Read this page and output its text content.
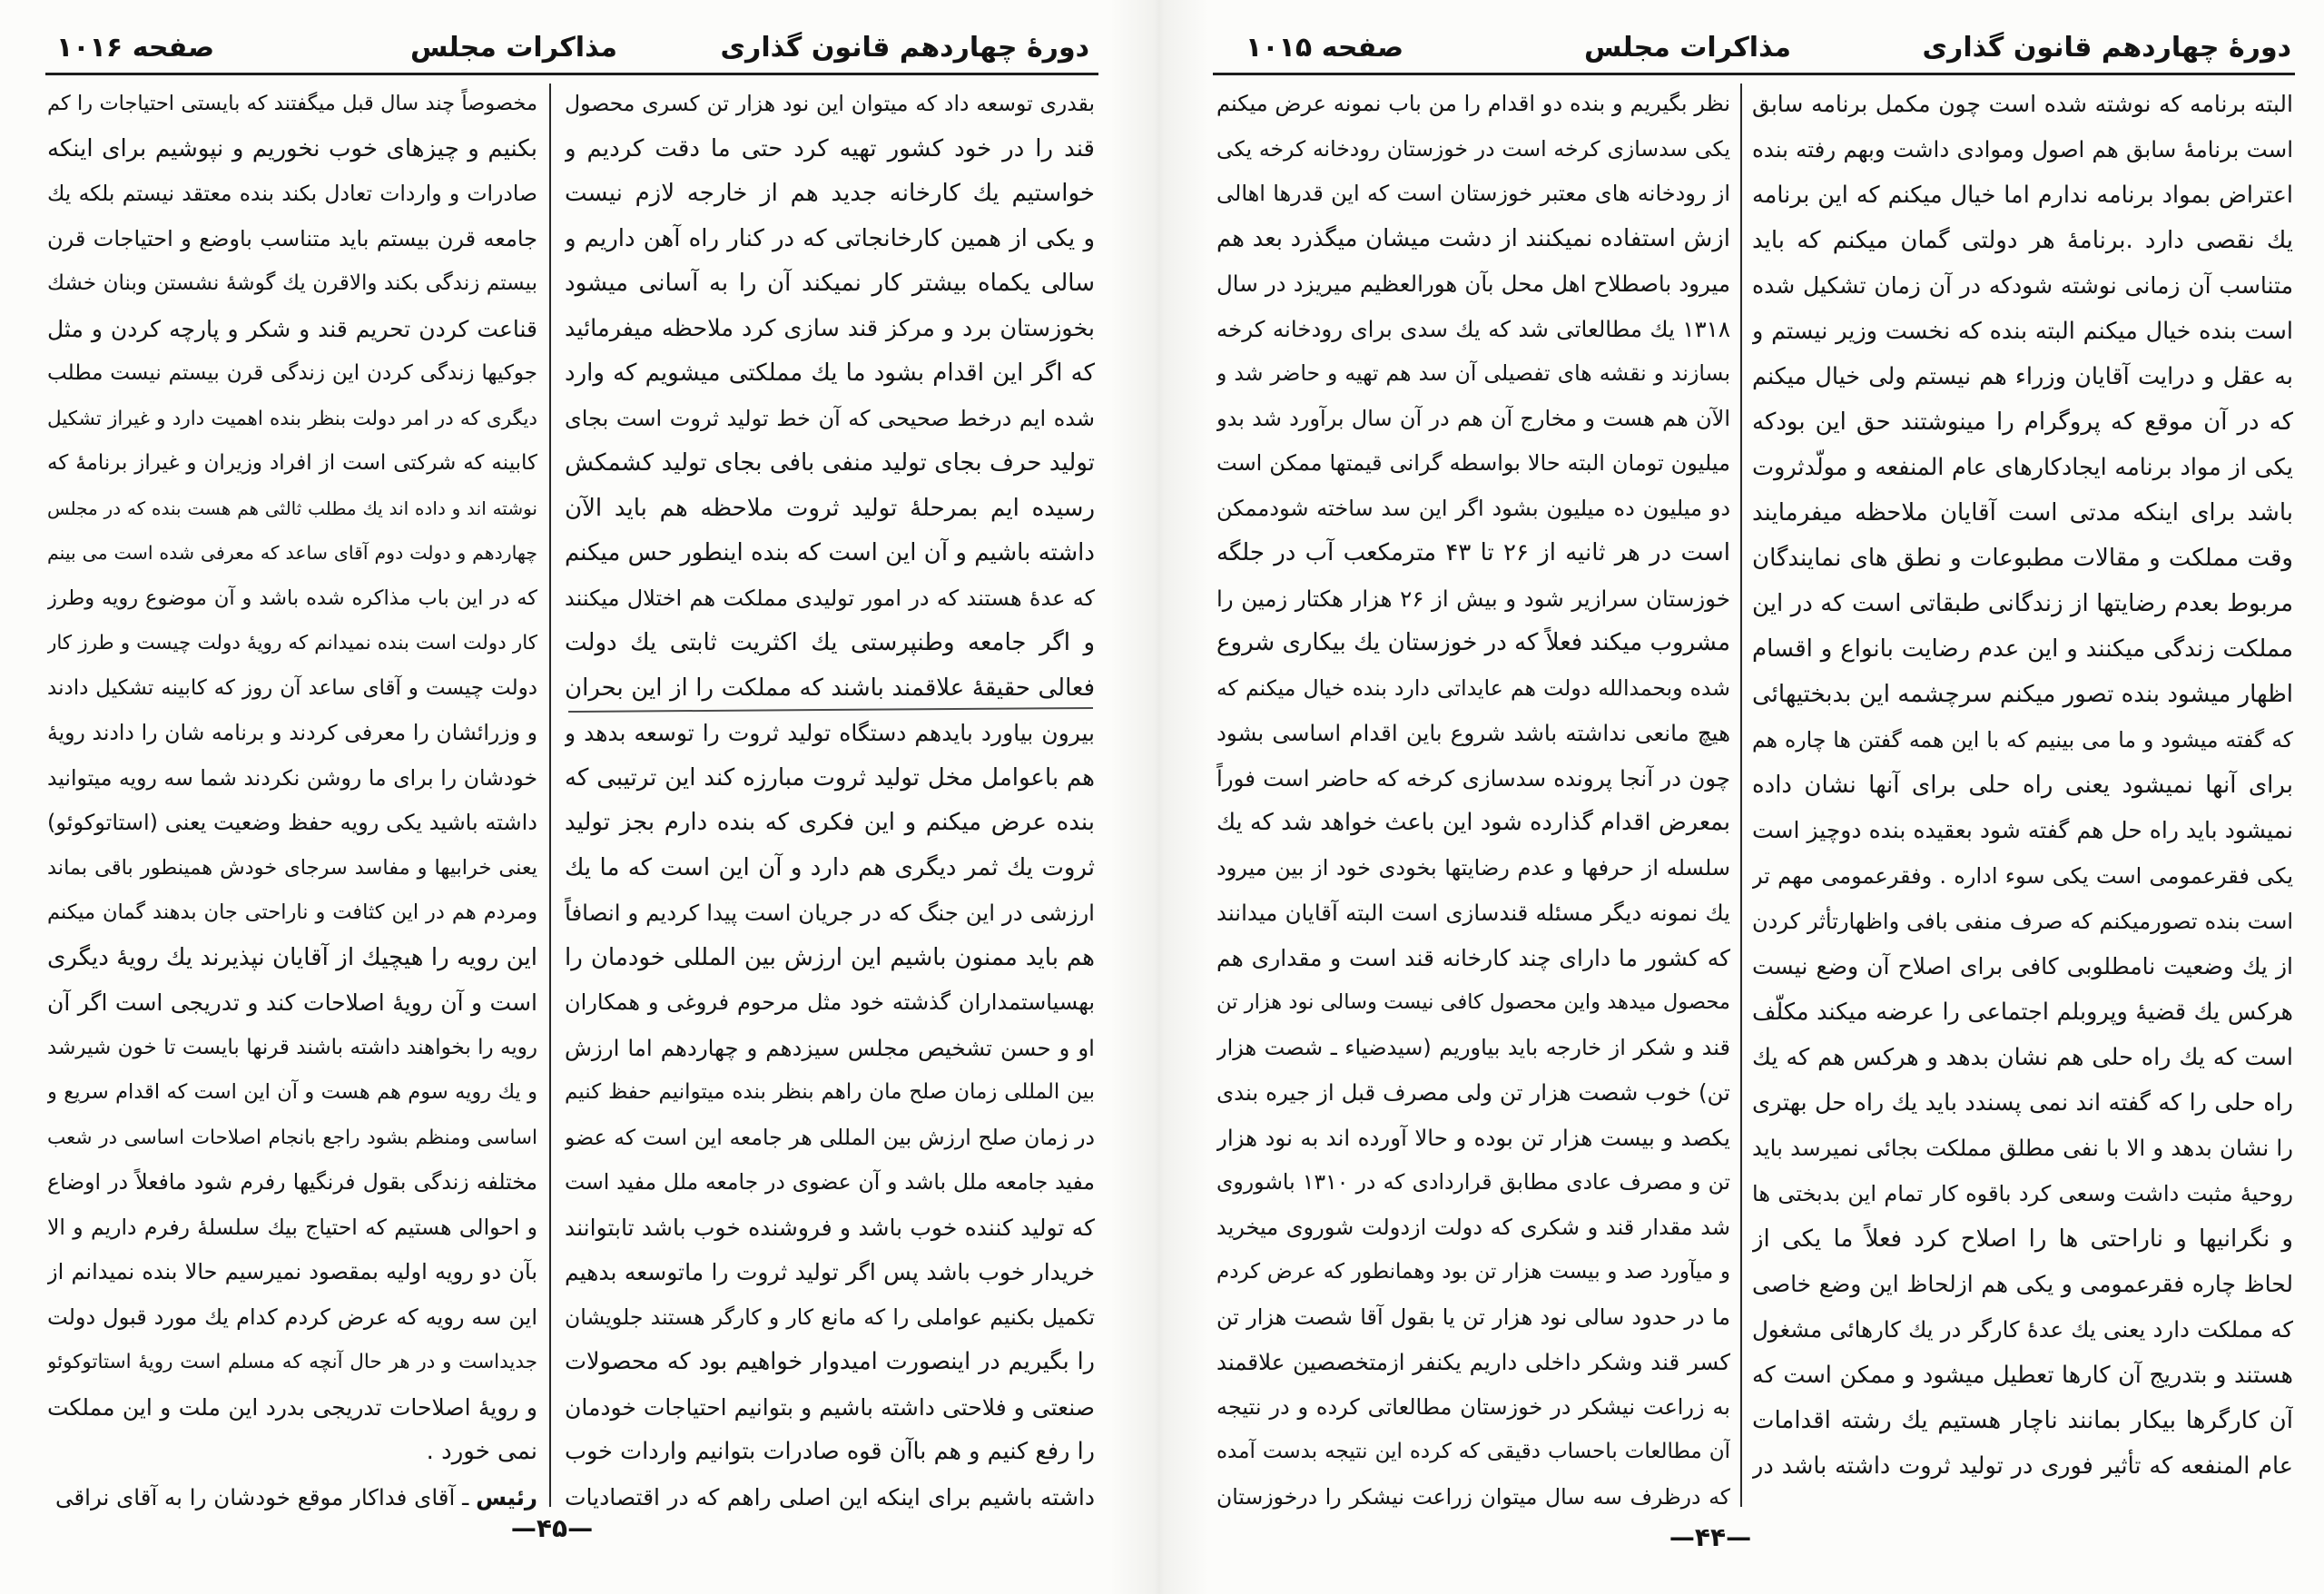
صفحه ۱۰۱۶	مذاکرات مجلس	دورهٔ چهاردهم قانون گذاری
بقدری توسعه داد که میتوان این نود هزار تن کسری محصول
قند را در خود کشور تهیه کرد حتی ما دقت کردیم و
خواستیم یك کارخانه جدید هم از خارجه لازم نیست
و یکی از همین کارخانجاتی که در کنار راه آهن داریم و
سالی یکماه بیشتر کار نمیکند آن را به آسانی میشود
بخوزستان برد و مرکز قند سازی کرد ملاحظه میفرمائید
که اگر این اقدام بشود ما یك مملکتی میشویم که وارد
شده ایم درخط صحیحی که آن خط تولید ثروت است بجای
تولید حرف بجای تولید منفی بافی بجای تولید کشمکش
رسیده ایم بمرحلهٔ تولید ثروت ملاحظه هم باید الآن
داشته باشیم و آن این است که بنده اینطور حس میکنم
که عدهٔ هستند که در امور تولیدی مملکت هم اختلال میکنند
و اگر جامعه وطنپرستی یك اکثریت ثابتی یك دولت
فعالی حقیقهٔ علاقمند باشند که مملکت را از این بحران
بیرون بیاورد بایدهم دستگاه تولید ثروت را توسعه بدهد و
هم باعوامل مخل تولید ثروت مبارزه کند این ترتیبی که
بنده عرض میکنم و این فکری که بنده دارم بجز تولید
ثروت یك ثمر دیگری هم دارد و آن این است که ما یك
ارزشی در این جنگ که در جریان است پیدا کردیم و انصافاً
هم باید ممنون باشیم این ارزش بین المللی خودمان را
بهسیاستمداران گذشته خود مثل مرحوم فروغی و همکاران
او و حسن تشخیص مجلس سیزدهم و چهاردهم اما ارزش
بین المللی زمان صلح مان راهم بنظر بنده میتوانیم حفظ کنیم
در زمان صلح ارزش بین المللی هر جامعه این است که عضو
مفید جامعه ملل باشد و آن عضوی در جامعه ملل مفید است
که تولید کننده خوب باشد و فروشنده خوب باشد تابتوانند
خریدار خوب باشد پس اگر تولید ثروت را ماتوسعه بدهیم
تکمیل بکنیم عواملی را که مانع کار و کارگر هستند جلویشان
را بگیریم در اینصورت امیدوار خواهیم بود که محصولات
صنعتی و فلاحتی داشته باشیم و بتوانیم احتیاجات خودمان
را رفع کنیم و هم باآن قوه صادرات بتوانیم واردات خوب
داشته باشیم برای اینکه این اصلی راهم که در اقتصادیات
مخصوصاً چند سال قبل میگفتند که بایستی احتیاجات را کم
بکنیم و چیزهای خوب نخوریم و نپوشیم برای اینکه
صادرات و واردات تعادل بکند بنده معتقد نیستم بلکه یك
جامعه قرن بیستم باید متناسب باوضع و احتیاجات قرن
بیستم زندگی بکند والاقرن یك گوشهٔ نشستن وبنان خشك
قناعت کردن تحریم قند و شکر و پارچه کردن و مثل
جوکیها زندگی کردن این زندگی قرن بیستم نیست مطلب
دیگری که در امر دولت بنظر بنده اهمیت دارد و غیراز تشکیل
کابینه که شرکتی است از افراد وزیران و غیراز برنامهٔ که
نوشته اند و داده اند یك مطلب ثالثی هم هست بنده که در مجلس
چهاردهم و دولت دوم آقای ساعد که معرفی شده است می بینم
که در این باب مذاکره شده باشد و آن موضوع رویه وطرز
کار دولت است بنده نمیدانم که رویهٔ دولت چیست و طرز کار
دولت چیست و آقای ساعد آن روز که کابینه تشکیل دادند
و وزرائشان را معرفی کردند و برنامه شان را دادند رویهٔ
خودشان را برای ما روشن نکردند شما سه رویه میتوانید
داشته باشید یکی رویه حفظ وضعیت یعنی (استاتوکوئو)
یعنی خرابیها و مفاسد سرجای خودش همینطور باقی بماند
ومردم هم در این کثافت و ناراحتی جان بدهند گمان میکنم
این رویه را هیچیك از آقایان نپذیرند یك رویهٔ دیگری
است و آن رویهٔ اصلاحات کند و تدریجی است اگر آن
رویه را بخواهند داشته باشند قرنها بایست تا خون شیرشد
و یك رویه سوم هم هست و آن این است که اقدام سریع و
اساسی ومنظم بشود راجع بانجام اصلاحات اساسی در شعب
مختلفه زندگی بقول فرنگیها رفرم شود مافعلاً در اوضاع
و احوالی هستیم که احتیاج بیك سلسلهٔ رفرم داریم و الا
بآن دو رویه اولیه بمقصود نمیرسیم حالا بنده نمیدانم از
این سه رویه که عرض کردم کدام یك مورد قبول دولت
جدیداست و در هر حال آنچه که مسلم است رویهٔ استاتوکوئو
و رویهٔ اصلاحات تدریجی بدرد این ملت و این مملکت
نمی خورد .
رئیس ـ آقای فداکار موقع خودشان را به آقای نراقی
—۴۵—
صفحه ۱۰۱۵	مذاکرات مجلس	دورهٔ چهاردهم قانون گذاری
البته برنامه که نوشته شده است چون مکمل برنامه سابق
است برنامهٔ سابق هم اصول وموادی داشت وبهم رفته بنده
اعتراض بمواد برنامه ندارم اما خیال میکنم که این برنامه
یك نقصی دارد .برنامهٔ هر دولتی گمان میکنم که باید
متناسب آن زمانی نوشته شودکه در آن زمان تشکیل شده
است بنده خیال میکنم البته بنده که نخست وزیر نیستم و
به عقل و درایت آقایان وزراء هم نیستم ولی خیال میکنم
که در آن موقع که پروگرام را مینوشتند حق این بودکه
یکی از مواد برنامه ایجادکارهای عام المنفعه و مولّدثروت
باشد برای اینکه مدتی است آقایان ملاحظه میفرمایند
وقت مملکت و مقالات مطبوعات و نطق های نمایندگان
مربوط بعدم رضایتها از زندگانی طبقاتی است که در این
مملکت زندگی میکنند و این عدم رضایت بانواع و اقسام
اظهار میشود بنده تصور میکنم سرچشمه این بدبختیهائی
که گفته میشود و ما می بینیم که با این همه گفتن ها چاره هم
برای آنها نمیشود یعنی راه حلی برای آنها نشان داده
نمیشود باید راه حل هم گفته شود بعقیده بنده دوچیز است
یکی فقرعمومی است یکی سوء اداره . وفقرعمومی مهم تر
است بنده تصورمیکنم که صرف منفی بافی واظهارتأثر کردن
از یك وضعیت نامطلوبی کافی برای اصلاح آن وضع نیست
هرکس یك قضیهٔ وپروبلم اجتماعی را عرضه میکند مکلّف
است که یك راه حلی هم نشان بدهد و هرکس هم که یك
راه حلی را که گفته اند نمی پسندد باید یك راه حل بهتری
را نشان بدهد و الا با نفی مطلق مملکت بجائی نمیرسد باید
روحیهٔ مثبت داشت وسعی کرد باقوه کار تمام این بدبختی ها
و نگرانیها و ناراحتی ها را اصلاح کرد فعلاً ما یکی از
لحاظ چاره فقرعمومی و یکی هم ازلحاظ این وضع خاصی
که مملکت دارد یعنی یك عدهٔ کارگر در یك کارهائی مشغول
هستند و بتدریج آن کارها تعطیل میشود و ممکن است که
آن کارگرها بیکار بمانند ناچار هستیم یك رشته اقدامات
عام المنفعه که تأثیر فوری در تولید ثروت داشته باشد در
نظر بگیریم و بنده دو اقدام را من باب نمونه عرض میکنم
یکی سدسازی کرخه است در خوزستان رودخانه کرخه یکی
از رودخانه های معتبر خوزستان است که این قدرها اهالی
ازش استفاده نمیکنند از دشت میشان میگذرد بعد هم
میرود باصطلاح اهل محل بآن هورالعظیم میریزد در سال
۱۳۱۸ یك مطالعاتی شد که یك سدی برای رودخانه کرخه
بسازند و نقشه های تفصیلی آن سد هم تهیه و حاضر شد و
الآن هم هست و مخارج آن هم در آن سال برآورد شد بدو
میلیون تومان البته حالا بواسطه گرانی قیمتها ممکن است
دو میلیون ده میلیون بشود اگر این سد ساخته شودممکن
است در هر ثانیه از ۲۶ تا ۴۳ مترمکعب آب در جلگه
خوزستان سرازیر شود و بیش از ۲۶ هزار هکتار زمین را
مشروب میکند فعلاً که در خوزستان یك بیکاری شروع
شده وبحمدالله دولت هم عایداتی دارد بنده خیال میکنم که
هیچ مانعی نداشته باشد شروع باین اقدام اساسی بشود
چون در آنجا پرونده سدسازی کرخه که حاضر است فوراً
بمعرض اقدام گذارده شود این باعث خواهد شد که یك
سلسله از حرفها و عدم رضایتها بخودی خود از بین میرود
یك نمونه دیگر مسئله قندسازی است البته آقایان میدانند
که کشور ما دارای چند کارخانه قند است و مقداری هم
محصول میدهد واین محصول کافی نیست وسالی نود هزار تن
قند و شکر از خارجه باید بیاوریم (سیدضیاء ـ شصت هزار
تن) خوب شصت هزار تن ولی مصرف قبل از جیره بندی
یکصد و بیست هزار تن بوده و حالا آورده اند به نود هزار
تن و مصرف عادی مطابق قراردادی که در ۱۳۱۰ باشوروی
شد مقدار قند و شکری که دولت ازدولت شوروی میخرید
و میآورد صد و بیست هزار تن بود وهمانطور که عرض کردم
ما در حدود سالی نود هزار تن یا بقول آقا شصت هزار تن
کسر قند وشکر داخلی داریم یکنفر ازمتخصصین علاقمند
به زراعت نیشکر در خوزستان مطالعاتی کرده و در نتیجه
آن مطالعات باحساب دقیقی که کرده این نتیجه بدست آمده
که درظرف سه سال میتوان زراعت نیشکر را درخوزستان
—۴۴—
